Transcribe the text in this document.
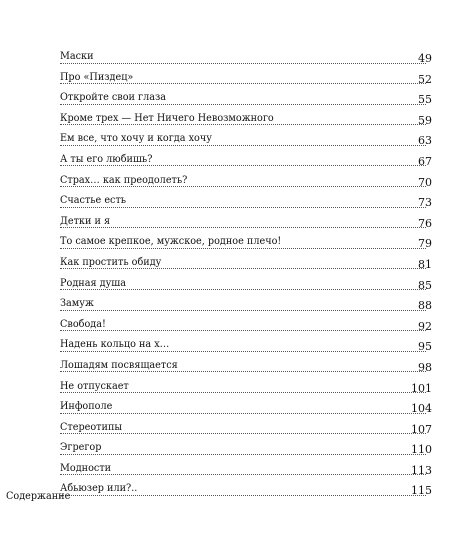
Маски	49
Про «Пиздец»	52
Откройте свои глаза	55
Кроме трех — Нет Ничего Невозможного	59
Ем все, что хочу и когда хочу	63
А ты его любишь?	67
Страх… как преодолеть?	70
Счастье есть	73
Детки и я	76
То самое крепкое, мужское, родное плечо!	79
Как простить обиду	81
Родная душа	85
Замуж	88
Свобода!	92
Надень кольцо на х…	95
Лошадям посвящается	98
Не отпускает	101
Инфополе	104
Стереотипы	107
Эгрегор	110
Модности	113
Абьюзер или?..	115
Содержание
